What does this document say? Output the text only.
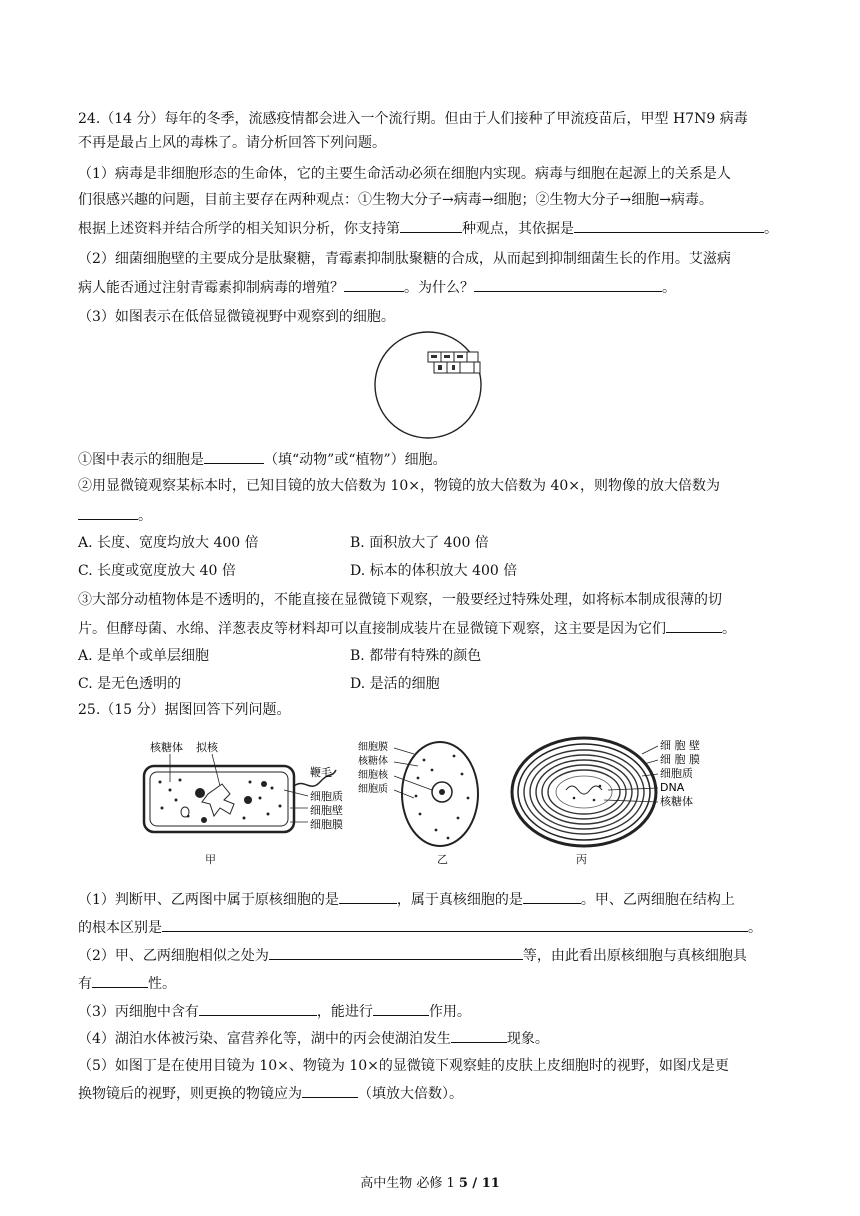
24.（14 分）每年的冬季，流感疫情都会进入一个流行期。但由于人们接种了甲流疫苗后，甲型 H7N9 病毒
不再是最占上风的毒株了。请分析回答下列问题。
（1）病毒是非细胞形态的生命体，它的主要生命活动必须在细胞内实现。病毒与细胞在起源上的关系是人
们很感兴趣的问题，目前主要存在两种观点：①生物大分子→病毒→细胞；②生物大分子→细胞→病毒。
根据上述资料并结合所学的相关知识分析，你支持第	种观点，其依据是	。
（2）细菌细胞壁的主要成分是肽聚糖，青霉素抑制肽聚糖的合成，从而起到抑制细菌生长的作用。艾滋病
病人能否通过注射青霉素抑制病毒的增殖？	。为什么？	。
（3）如图表示在低倍显微镜视野中观察到的细胞。
①图中表示的细胞是	（填“动物”或“植物”）细胞。
②用显微镜观察某标本时，已知目镜的放大倍数为 10×，物镜的放大倍数为 40×，则物像的放大倍数为
。
A. 长度、宽度均放大 400 倍	B. 面积放大了 400 倍
C. 长度或宽度放大 40 倍	D. 标本的体积放大 400 倍
③大部分动植物体是不透明的，不能直接在显微镜下观察，一般要经过特殊处理，如将标本制成很薄的切
片。但酵母菌、水绵、洋葱表皮等材料却可以直接制成装片在显微镜下观察，这主要是因为它们	。
A. 是单个或单层细胞	B. 都带有特殊的颜色
C. 是无色透明的	D. 是活的细胞
25.（15 分）据图回答下列问题。
核糖体 拟核
鞭毛
细胞质
细胞壁
细胞膜
甲
细胞膜
核糖体
细胞核
细胞质
乙
细 胞 壁
细 胞 膜
细胞质
DNA
核糖体
丙
（1）判断甲、乙两图中属于原核细胞的是	，属于真核细胞的是	。甲、乙两细胞在结构上
的根本区别是	。
（2）甲、乙两细胞相似之处为	等，由此看出原核细胞与真核细胞具
有	性。
（3）丙细胞中含有	，能进行	作用。
（4）湖泊水体被污染、富营养化等，湖中的丙会使湖泊发生	现象。
（5）如图丁是在使用目镜为 10×、物镜为 10×的显微镜下观察蛙的皮肤上皮细胞时的视野，如图戊是更
换物镜后的视野，则更换的物镜应为	（填放大倍数）。
高中生物 必修 1 5 / 11
